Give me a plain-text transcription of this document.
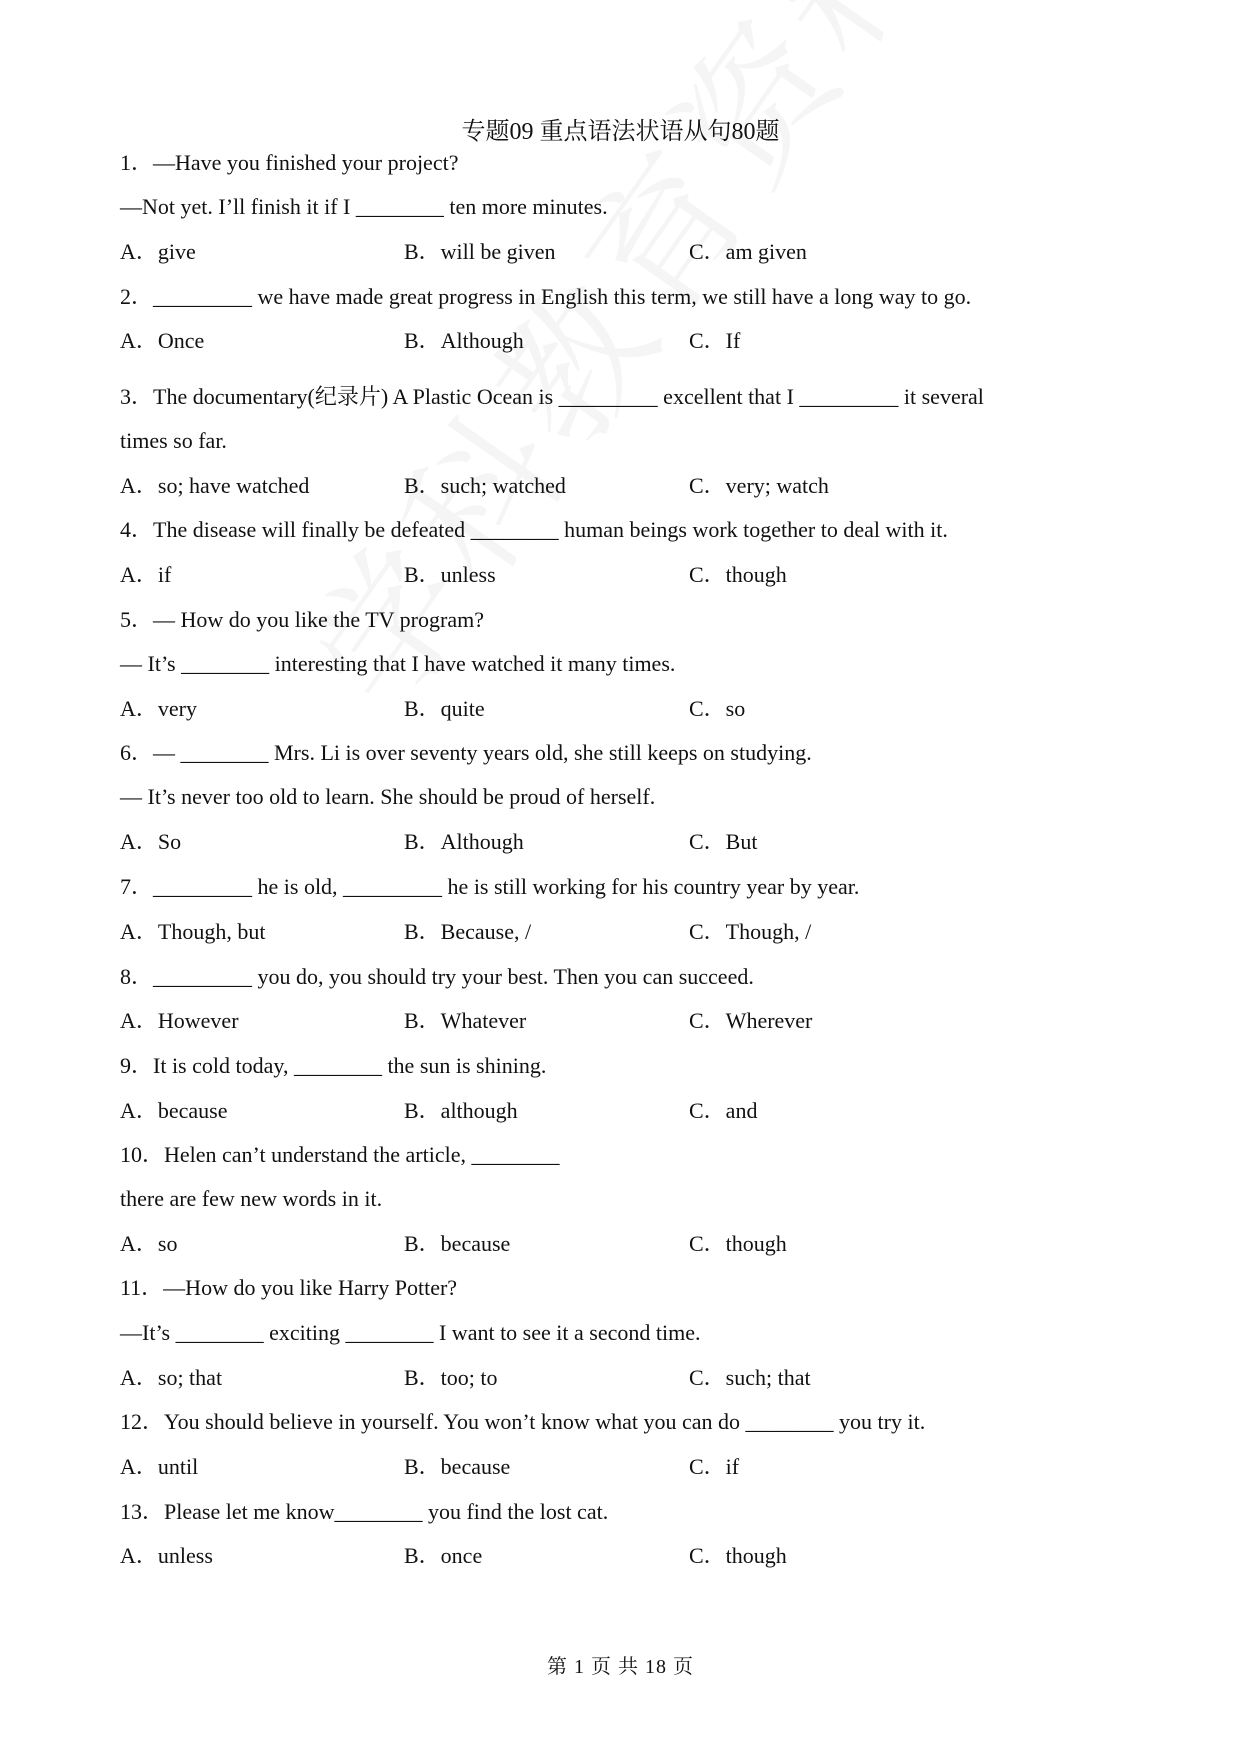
专题09 重点语法状语从句80题
1．—Have you finished your project?
—Not yet. I’ll finish it if I ________ ten more minutes.
A．give	B．will be given	C．am given
2．_________ we have made great progress in English this term, we still have a long way to go.
A．Once	B．Although	C．If
3．The documentary(纪录片) A Plastic Ocean is _________ excellent that I _________ it several
times so far.
A．so; have watched	B．such; watched	C．very; watch
4．The disease will finally be defeated ________ human beings work together to deal with it.
A．if	B．unless	C．though
5．— How do you like the TV program?
— It’s ________ interesting that I have watched it many times.
A．very	B．quite	C．so
6．— ________ Mrs. Li is over seventy years old, she still keeps on studying.
— It’s never too old to learn. She should be proud of herself.
A．So	B．Although	C．But
7．_________ he is old, _________ he is still working for his country year by year.
A．Though, but	B．Because, /	C．Though, /
8．_________ you do, you should try your best. Then you can succeed.
A．However	B．Whatever	C．Wherever
9．It is cold today, ________ the sun is shining.
A．because	B．although	C．and
10．Helen can’t understand the article, ________
there are few new words in it.
A．so	B．because	C．though
11．—How do you like Harry Potter?
—It’s ________ exciting ________ I want to see it a second time.
A．so; that	B．too; to	C．such; that
12．You should believe in yourself. You won’t know what you can do ________ you try it.
A．until	B．because	C．if
13．Please let me know________ you find the lost cat.
A．unless	B．once	C．though
第 1 页 共 18 页
